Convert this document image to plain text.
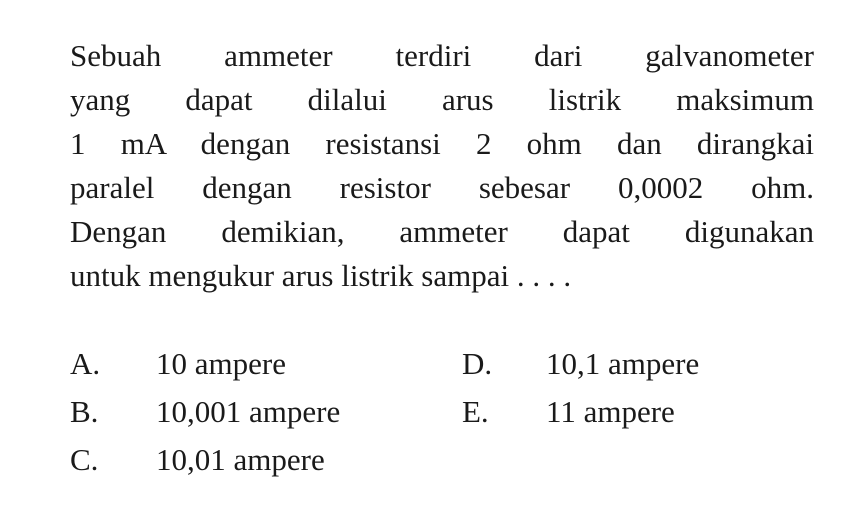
Sebuah ammeter terdiri dari galvanometer
yang dapat dilalui arus listrik maksimum
1 mA dengan resistansi 2 ohm dan dirangkai
paralel dengan resistor sebesar 0,0002 ohm.
Dengan demikian, ammeter dapat digunakan
untuk mengukur arus listrik sampai . . . .
A. 10 ampere
B. 10,001 ampere
C. 10,01 ampere
D. 10,1 ampere
E. 11 ampere
